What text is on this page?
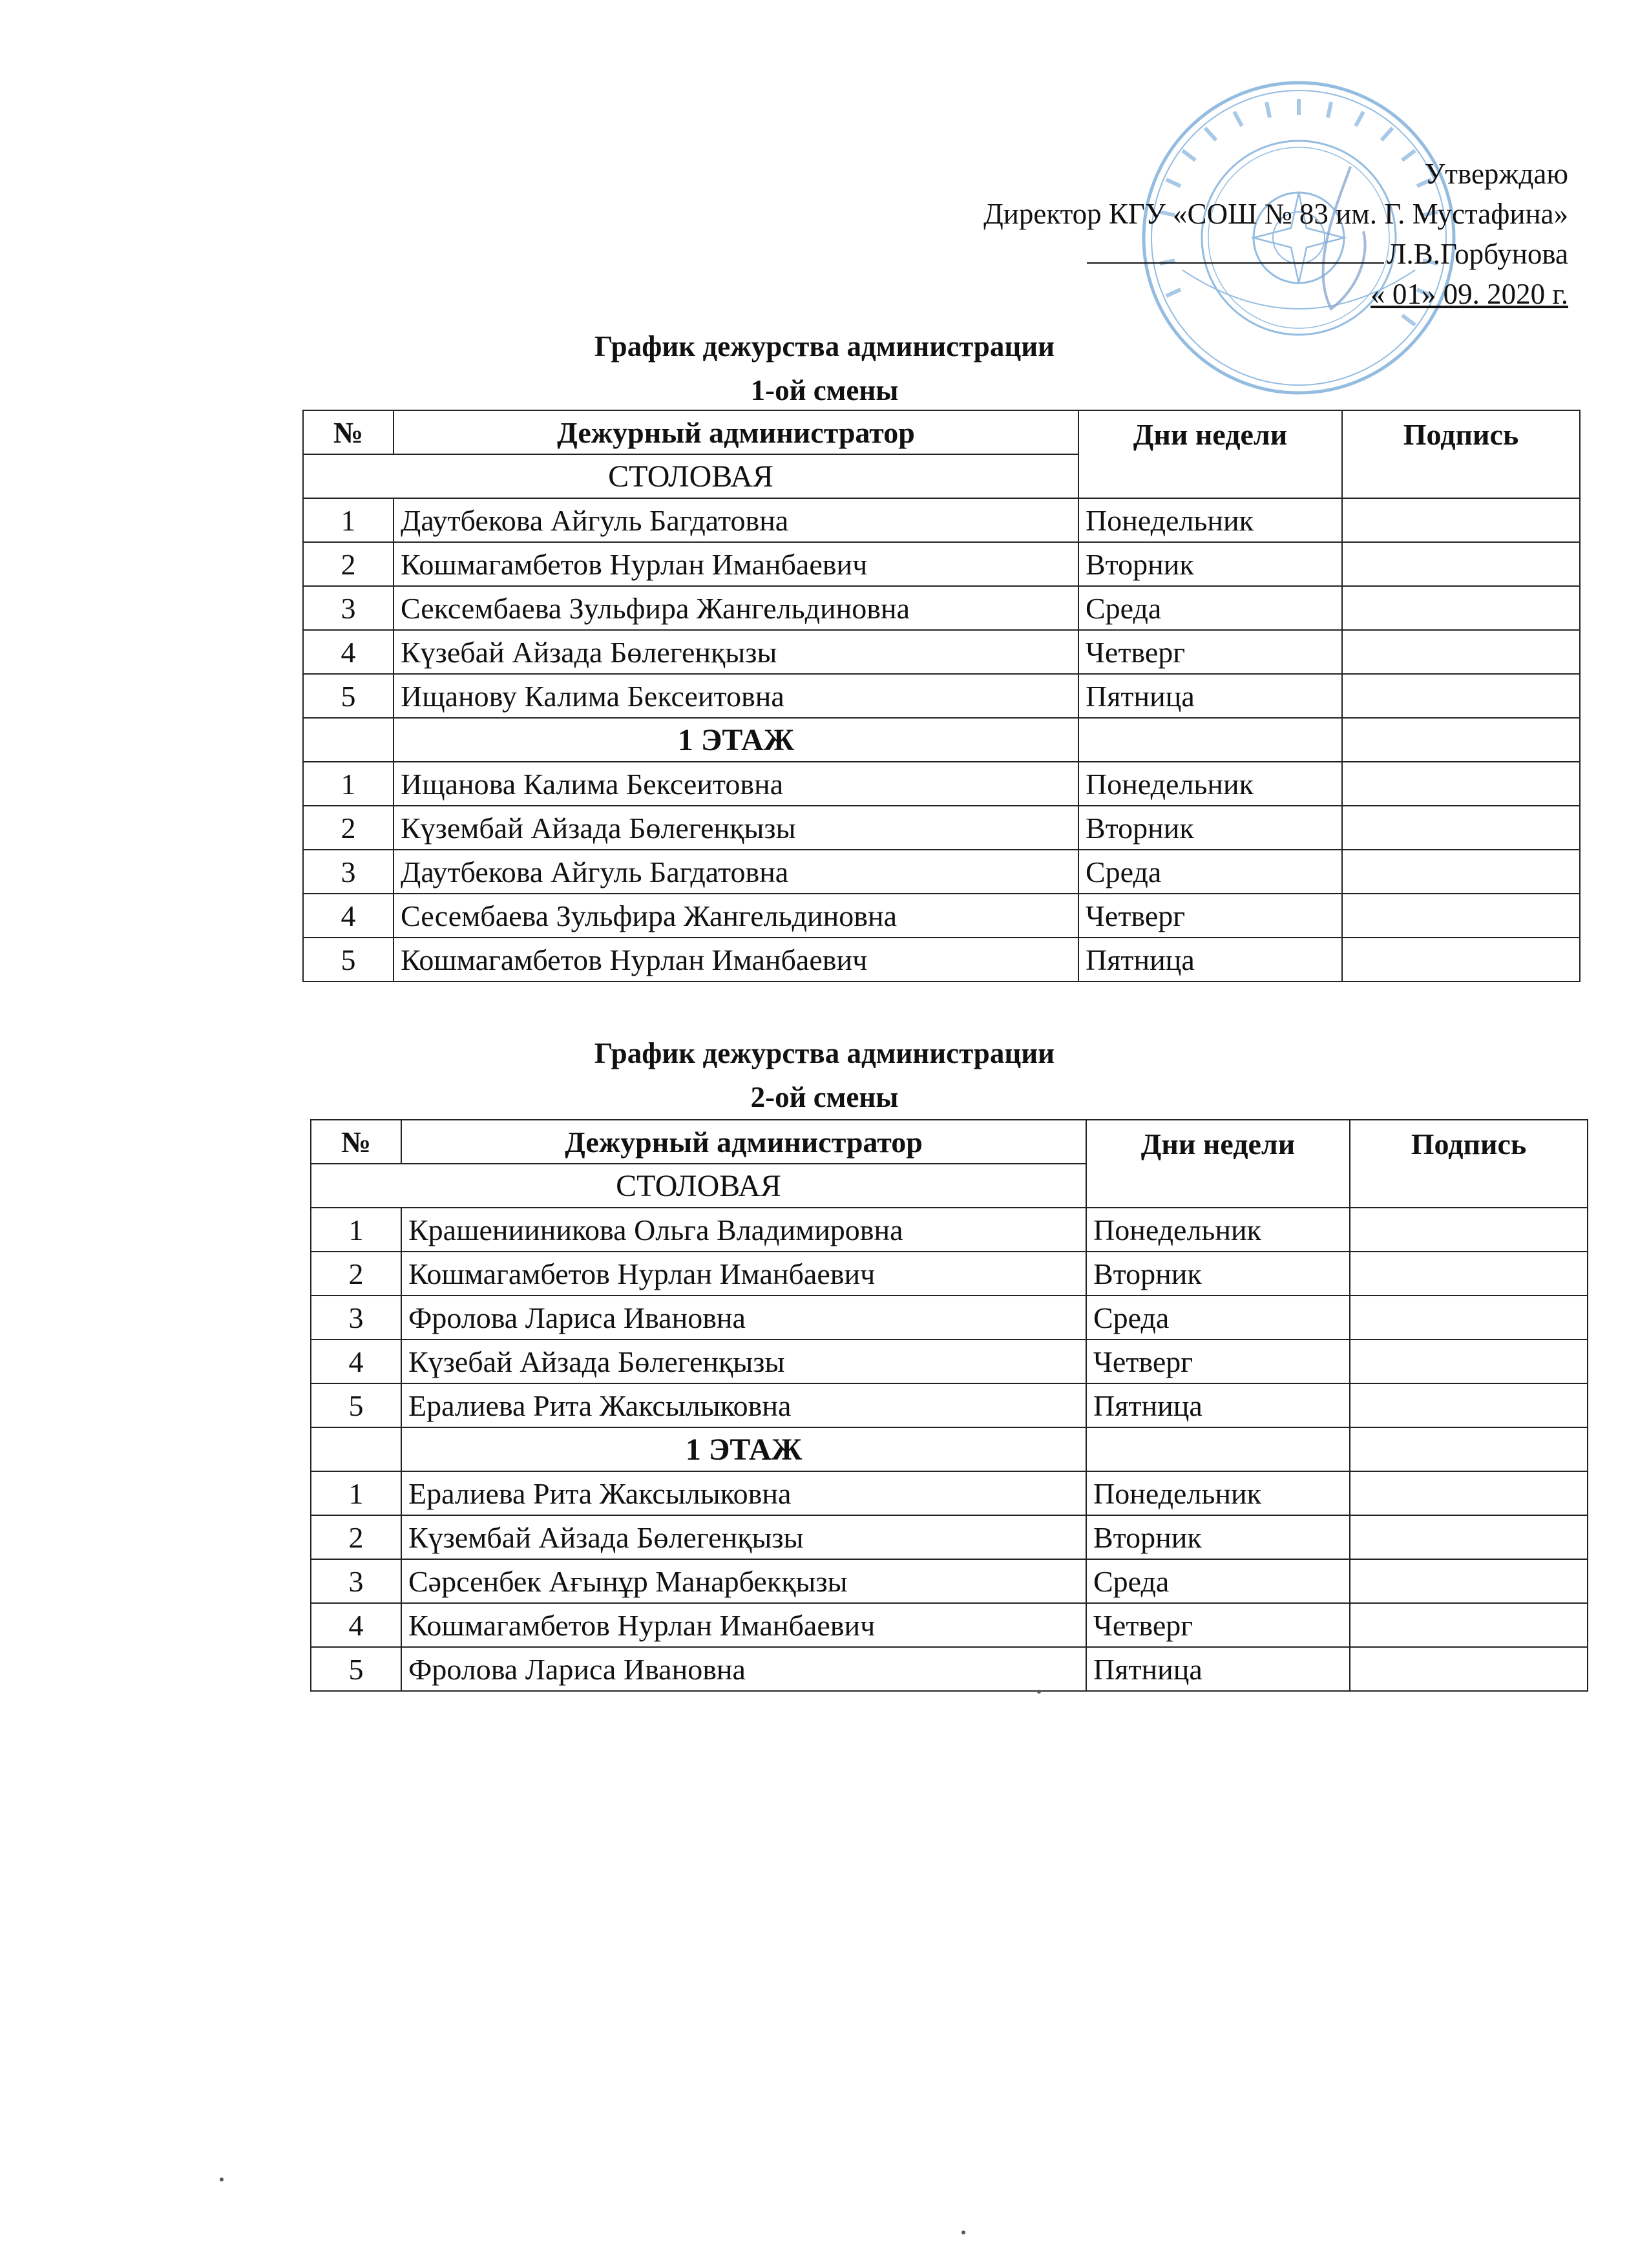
Утверждаю
Директор КГУ «СОШ № 83 им. Г. Мустафина»
Л.В.Горбунова
« 01» 09. 2020 г.
График дежурства администрации
1-ой смены
№	Дежурный администратор	Дни недели	Подпись
СТОЛОВАЯ			
1	Даутбекова Айгуль Багдатовна	Понедельник	
2	Кошмагамбетов Нурлан Иманбаевич	Вторник	
3	Сексембаева Зульфира Жангельдиновна	Среда	
4	Күзебай Айзада Бөлегенқызы	Четверг	
5	Ищанову Калима Бексеитовна	Пятница	
	1 ЭТАЖ		
1	Ищанова Калима Бексеитовна	Понедельник	
2	Күзембай Айзада Бөлегенқызы	Вторник	
3	Даутбекова Айгуль Багдатовна	Среда	
4	Сесембаева Зульфира Жангельдиновна	Четверг	
5	Кошмагамбетов Нурлан Иманбаевич	Пятница	
График дежурства администрации
2-ой смены
№	Дежурный администратор	Дни недели	Подпись
СТОЛОВАЯ			
1	Крашенииникова Ольга Владимировна	Понедельник	
2	Кошмагамбетов Нурлан Иманбаевич	Вторник	
3	Фролова Лариса Ивановна	Среда	
4	Күзебай Айзада Бөлегенқызы	Четверг	
5	Ералиева Рита Жаксылыковна	Пятница	
	1 ЭТАЖ		
1	Ералиева Рита Жаксылыковна	Понедельник	
2	Күзембай Айзада Бөлегенқызы	Вторник	
3	Сәрсенбек Ағынұр Манарбекқызы	Среда	
4	Кошмагамбетов Нурлан Иманбаевич	Четверг	
5	Фролова Лариса Ивановна	Пятница	
